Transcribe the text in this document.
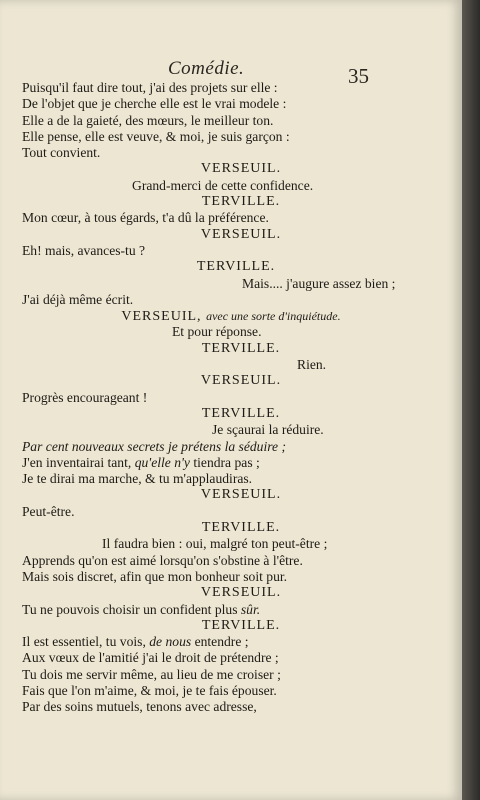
Comédie.	35
Puisqu'il faut dire tout, j'ai des projets sur elle :
De l'objet que je cherche elle est le vrai modele :
Elle a de la gaieté, des mœurs, le meilleur ton.
Elle pense, elle est veuve, & moi, je suis garçon :
Tout convient.
VERSEUIL.
Grand-merci de cette confidence.
TERVILLE.
Mon cœur, à tous égards, t'a dû la préférence.
VERSEUIL.
Eh! mais, avances-tu ?
TERVILLE.
Mais.... j'augure assez bien ;
J'ai déjà même écrit.
VERSEUIL, avec une sorte d'inquiétude.
Et pour réponse.
TERVILLE.
Rien.
VERSEUIL.
Progrès encourageant !
TERVILLE.
Je sçaurai la réduire.
Par cent nouveaux secrets je prétens la séduire ;
J'en inventairai tant, qu'elle n'y tiendra pas ;
Je te dirai ma marche, & tu m'applaudiras.
VERSEUIL.
Peut-être.
TERVILLE.
Il faudra bien : oui, malgré ton peut-être ;
Apprends qu'on est aimé lorsqu'on s'obstine à l'être.
Mais sois discret, afin que mon bonheur soit pur.
VERSEUIL.
Tu ne pouvois choisir un confident plus sûr.
TERVILLE.
Il est essentiel, tu vois, de nous entendre ;
Aux vœux de l'amitié j'ai le droit de prétendre ;
Tu dois me servir même, au lieu de me croiser ;
Fais que l'on m'aime, & moi, je te fais épouser.
Par des soins mutuels, tenons avec adresse,
